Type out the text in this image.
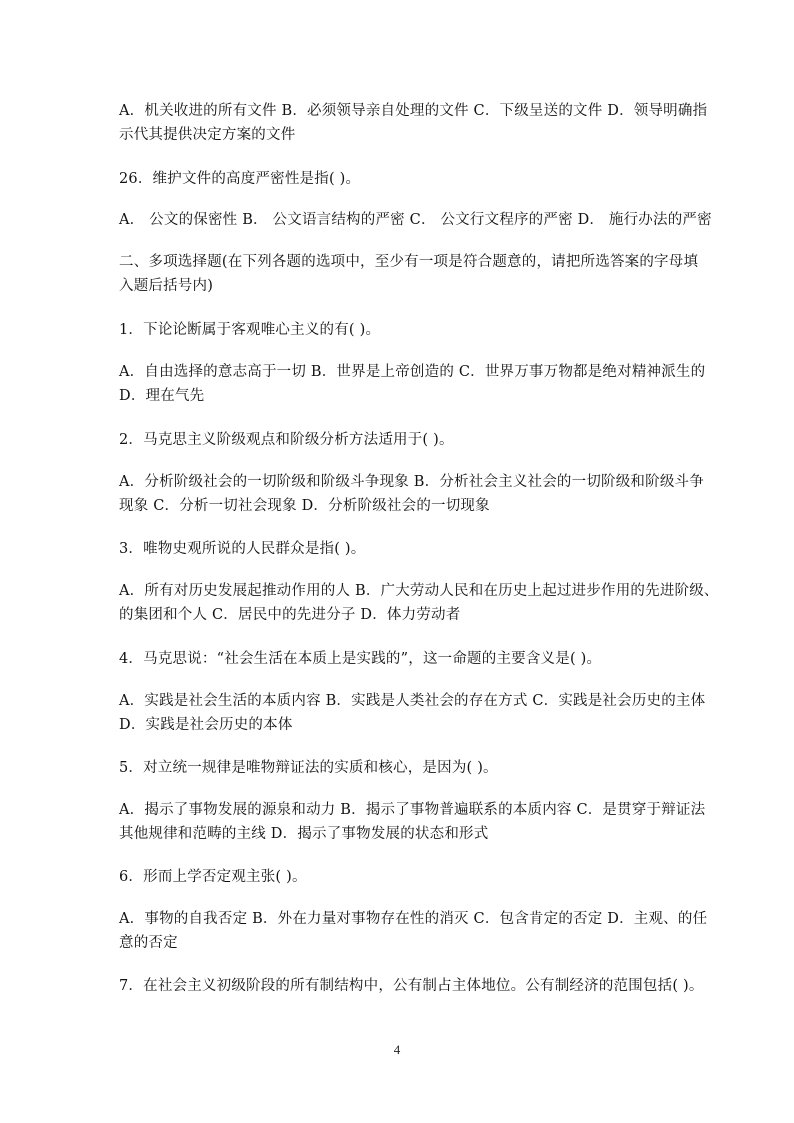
A．机关收进的所有文件 B．必须领导亲自处理的文件 C．下级呈送的文件 D．领导明确指
示代其提供决定方案的文件

26．维护文件的高度严密性是指( )。

A． 公文的保密性 B． 公文语言结构的严密 C． 公文行文程序的严密 D． 施行办法的严密

二、多项选择题(在下列各题的选项中，至少有一项是符合题意的，请把所选答案的字母填
入题后括号内)

1．下论论断属于客观唯心主义的有( )。

A．自由选择的意志高于一切 B．世界是上帝创造的 C．世界万事万物都是绝对精神派生的
D．理在气先

2．马克思主义阶级观点和阶级分析方法适用于( )。

A．分析阶级社会的一切阶级和阶级斗争现象 B．分析社会主义社会的一切阶级和阶级斗争
现象 C．分析一切社会现象 D．分析阶级社会的一切现象

3．唯物史观所说的人民群众是指( )。

A．所有对历史发展起推动作用的人 B．广大劳动人民和在历史上起过进步作用的先进阶级、
的集团和个人 C．居民中的先进分子 D．体力劳动者

4．马克思说：“社会生活在本质上是实践的”，这一命题的主要含义是( )。

A．实践是社会生活的本质内容 B．实践是人类社会的存在方式 C．实践是社会历史的主体
D．实践是社会历史的本体

5．对立统一规律是唯物辩证法的实质和核心，是因为( )。

A．揭示了事物发展的源泉和动力 B．揭示了事物普遍联系的本质内容 C．是贯穿于辩证法
其他规律和范畴的主线 D．揭示了事物发展的状态和形式

6．形而上学否定观主张( )。

A．事物的自我否定 B．外在力量对事物存在性的消灭 C．包含肯定的否定 D．主观、的任
意的否定

7．在社会主义初级阶段的所有制结构中，公有制占主体地位。公有制经济的范围包括( )。

4
